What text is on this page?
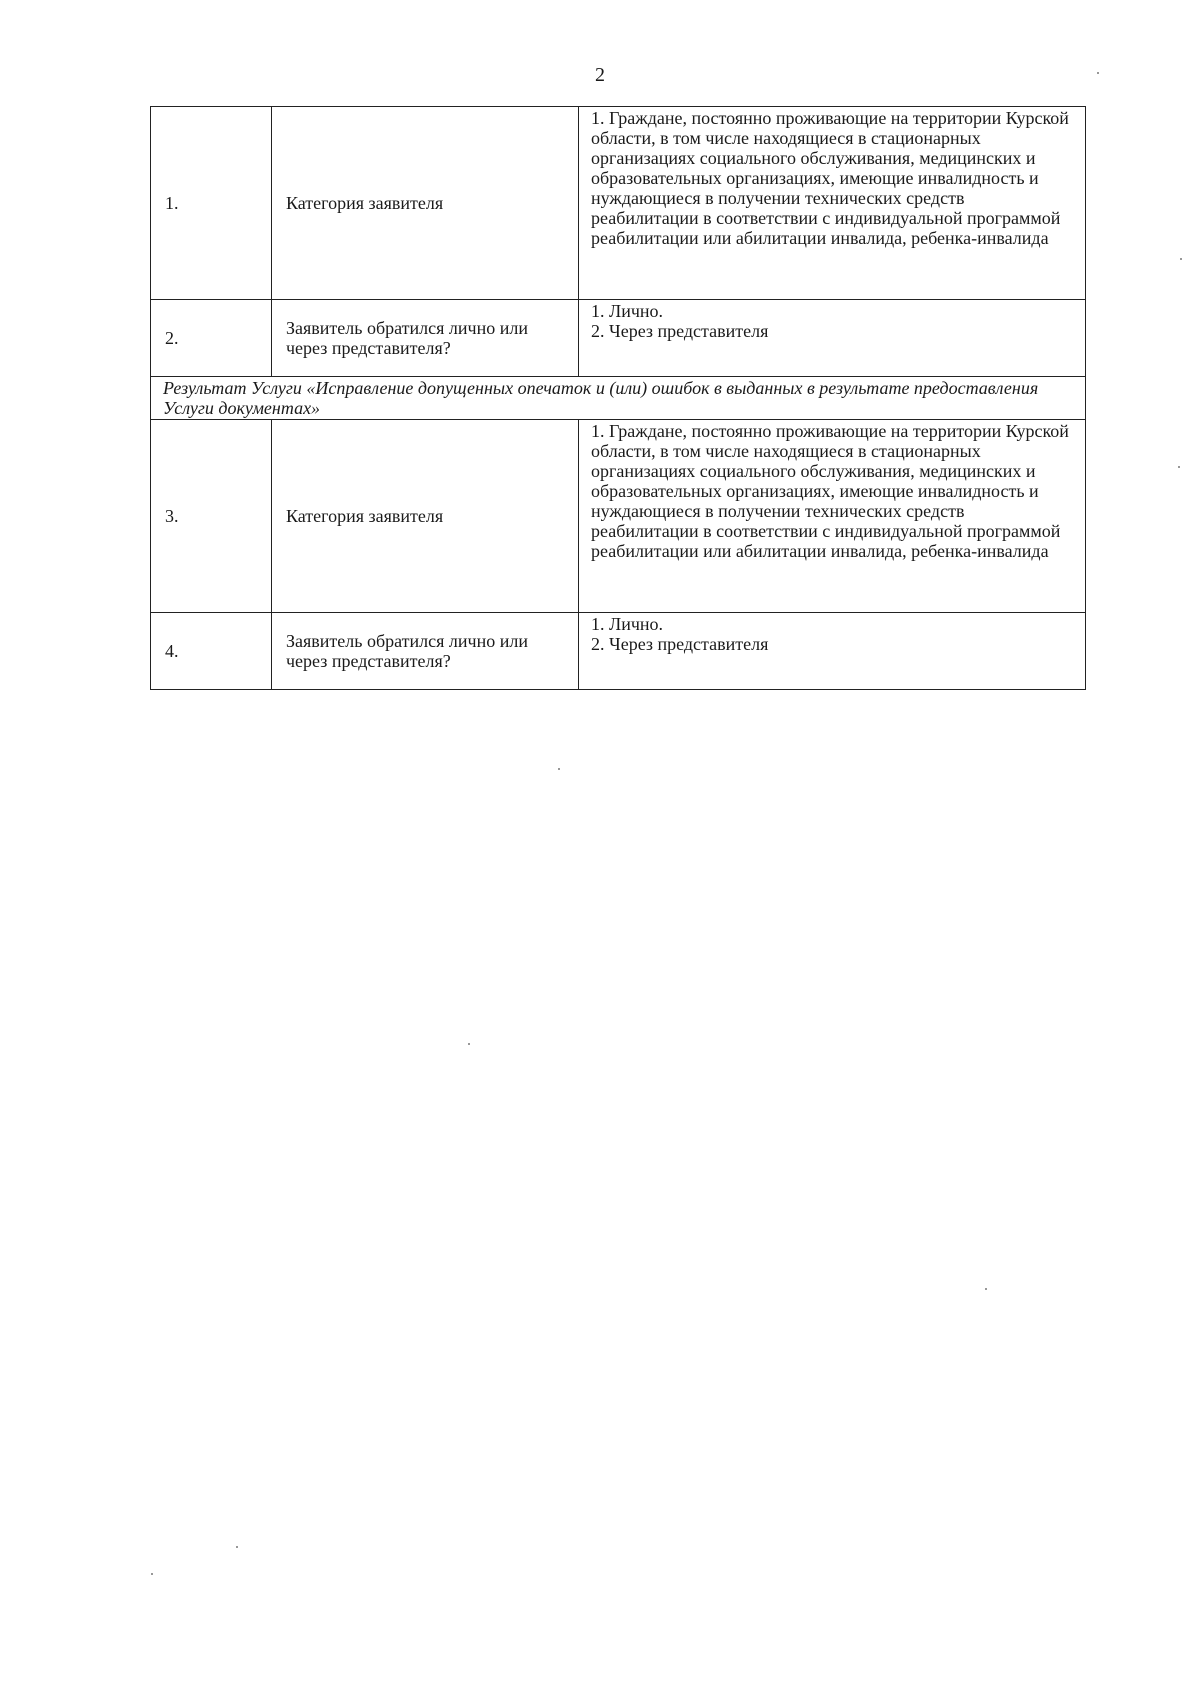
2
1.	Категория заявителя	1. Граждане, постоянно проживающие на территории Курской области, в том числе находящиеся в стационарных организациях социального обслуживания, медицинских и образовательных организациях, имеющие инвалидность и нуждающиеся в получении технических средств реабилитации в соответствии с индивидуальной программой реабилитации или абилитации инвалида, ребенка-инвалида
2.	Заявитель обратился лично или через представителя?	1. Лично.
2. Через представителя

Результат Услуги «Исправление допущенных опечаток и (или) ошибок в выданных в результате предоставления Услуги документах»		
3.	Категория заявителя	1. Граждане, постоянно проживающие на территории Курской области, в том числе находящиеся в стационарных организациях социального обслуживания, медицинских и образовательных организациях, имеющие инвалидность и нуждающиеся в получении технических средств реабилитации в соответствии с индивидуальной программой реабилитации или абилитации инвалида, ребенка-инвалида
4.	Заявитель обратился лично или через представителя?	1. Лично.
2. Через представителя
